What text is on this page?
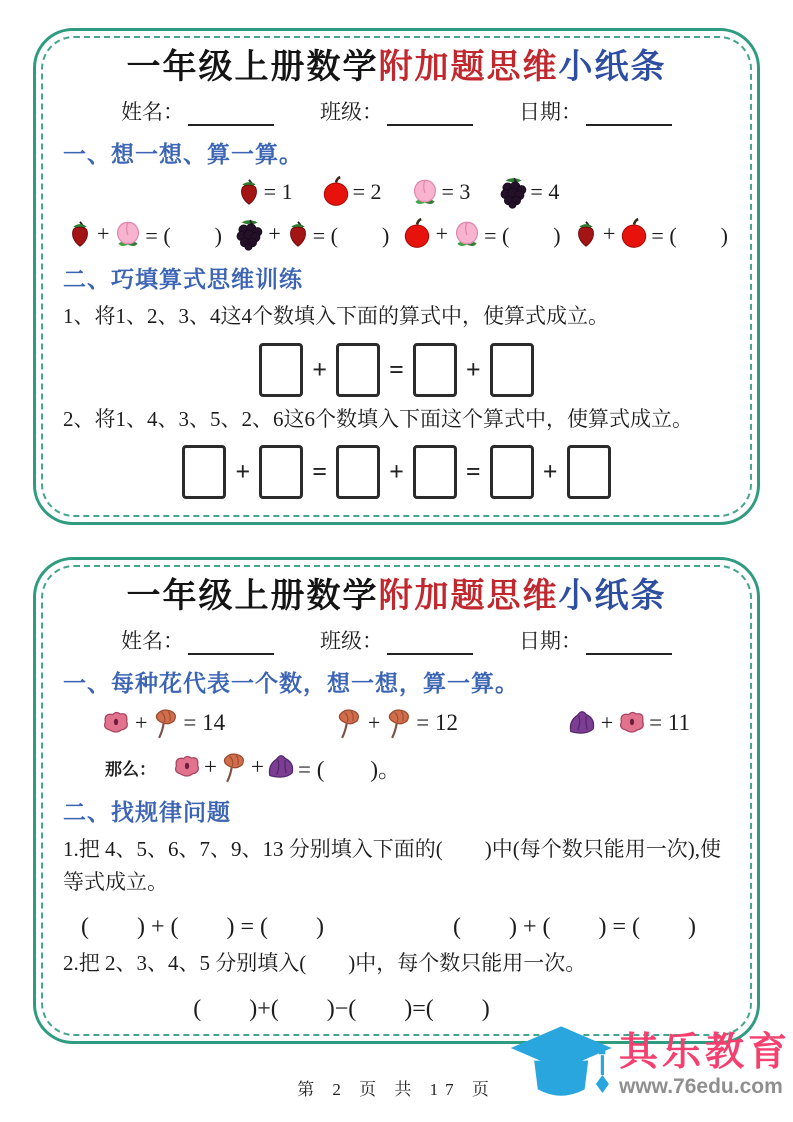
一年级上册数学附加题思维小纸条
姓名：	班级：	日期：
一、想一想、算一算。
= 1	= 2	= 3	= 4
+ = (　　) + = (　　) + = (　　) + = (　　)
二、巧填算式思维训练

1、将1、2、3、4这4个数填入下面的算式中，使算式成立。

+ = +

2、将1、4、3、5、2、6这6个数填入下面这个算式中，使算式成立。

+ = + = +
一年级上册数学附加题思维小纸条
姓名：	班级：	日期：
一、每种花代表一个数，想一想，算一算。
+ = 14	+ = 12	+ = 11
那么： + + = (　　)。
二、找规律问题

1.把 4、5、6、7、9、13 分别填入下面的(　　)中(每个数只能用一次),使等式成立。

(　　) + (　　) = (　　)	(　　) + (　　) = (　　)

2.把 2、3、4、5 分别填入(　　)中，每个数只能用一次。

(　　)+(　　)−(　　)=(　　)
第 2 页 共 17 页
其乐教育
www.76edu.com
